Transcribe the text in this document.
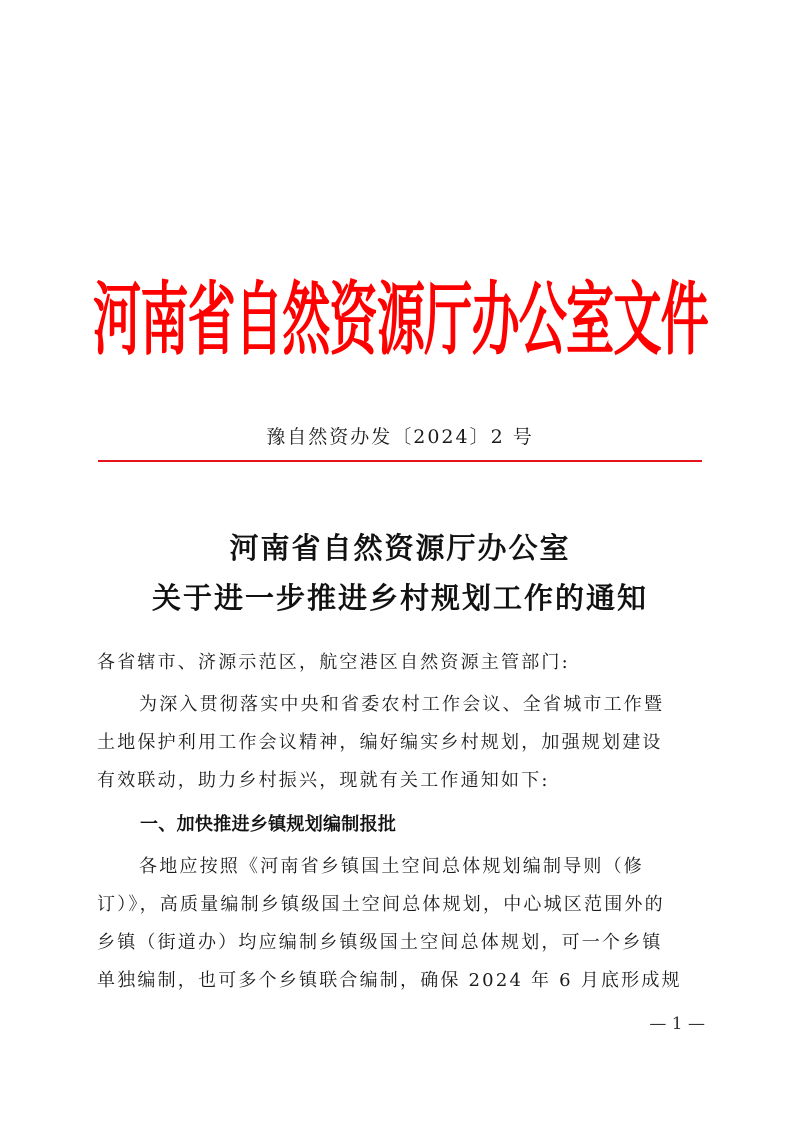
河南省自然资源厅办公室文件
豫自然资办发〔2024〕2 号
河南省自然资源厅办公室
关于进一步推进乡村规划工作的通知
各省辖市、济源示范区，航空港区自然资源主管部门:
为深入贯彻落实中央和省委农村工作会议、全省城市工作暨
土地保护利用工作会议精神，编好编实乡村规划，加强规划建设
有效联动，助力乡村振兴，现就有关工作通知如下:
一、加快推进乡镇规划编制报批
各地应按照《河南省乡镇国土空间总体规划编制导则（修
订）》，高质量编制乡镇级国土空间总体规划，中心城区范围外的
乡镇（街道办）均应编制乡镇级国土空间总体规划，可一个乡镇
单独编制，也可多个乡镇联合编制，确保 2024 年 6 月底形成规
— 1 —
